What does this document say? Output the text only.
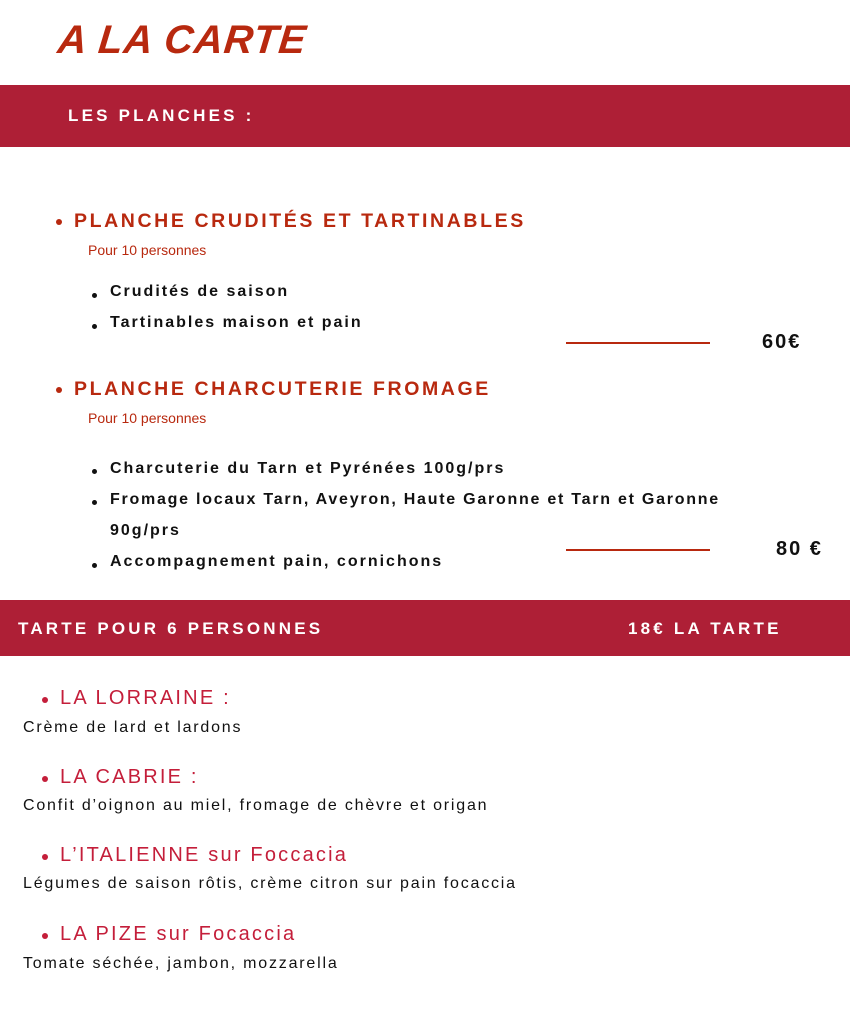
A LA CARTE
LES PLANCHES :
PLANCHE CRUDITÉS ET TARTINABLES
Pour 10 personnes
Crudités de saison
Tartinables maison et pain
60€
PLANCHE CHARCUTERIE FROMAGE
Pour 10 personnes
Charcuterie du Tarn et Pyrénées 100g/prs
Fromage locaux Tarn, Aveyron, Haute Garonne et Tarn et Garonne
90g/prs
Accompagnement pain, cornichons
80 €
TARTE POUR 6 PERSONNES	18€ LA TARTE
LA LORRAINE :
Crème de lard et lardons
LA CABRIE :
Confit d’oignon au miel, fromage de chèvre et origan
L’ITALIENNE sur Foccacia
Légumes de saison rôtis, crème citron sur pain focaccia
LA PIZE sur Focaccia
Tomate séchée, jambon, mozzarella
